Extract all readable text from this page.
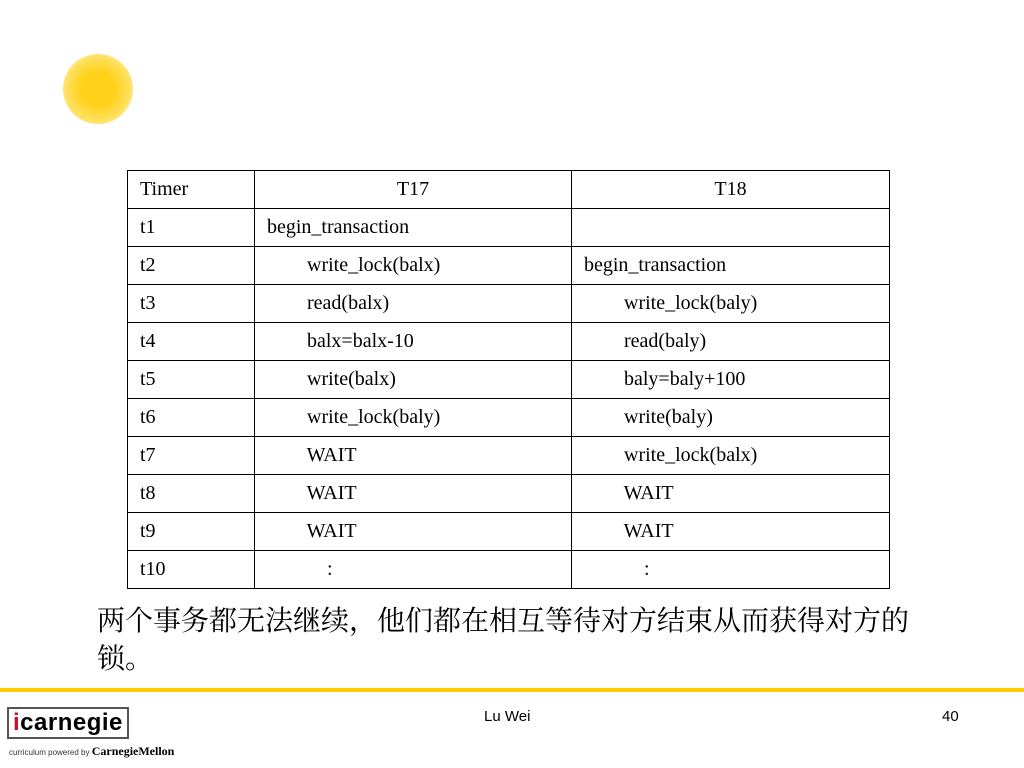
Timer	T17	T18
t1	begin_transaction	
t2	write_lock(balx)	begin_transaction
t3	read(balx)	write_lock(baly)
t4	balx=balx-10	read(baly)
t5	write(balx)	baly=baly+100
t6	write_lock(baly)	write(baly)
t7	WAIT	write_lock(balx)
t8	WAIT	WAIT
t9	WAIT	WAIT
t10	:	:
两个事务都无法继续，他们都在相互等待对方结束从而获得对方的锁。
icarnegie
curriculum powered by CarnegieMellon
Lu Wei	40
